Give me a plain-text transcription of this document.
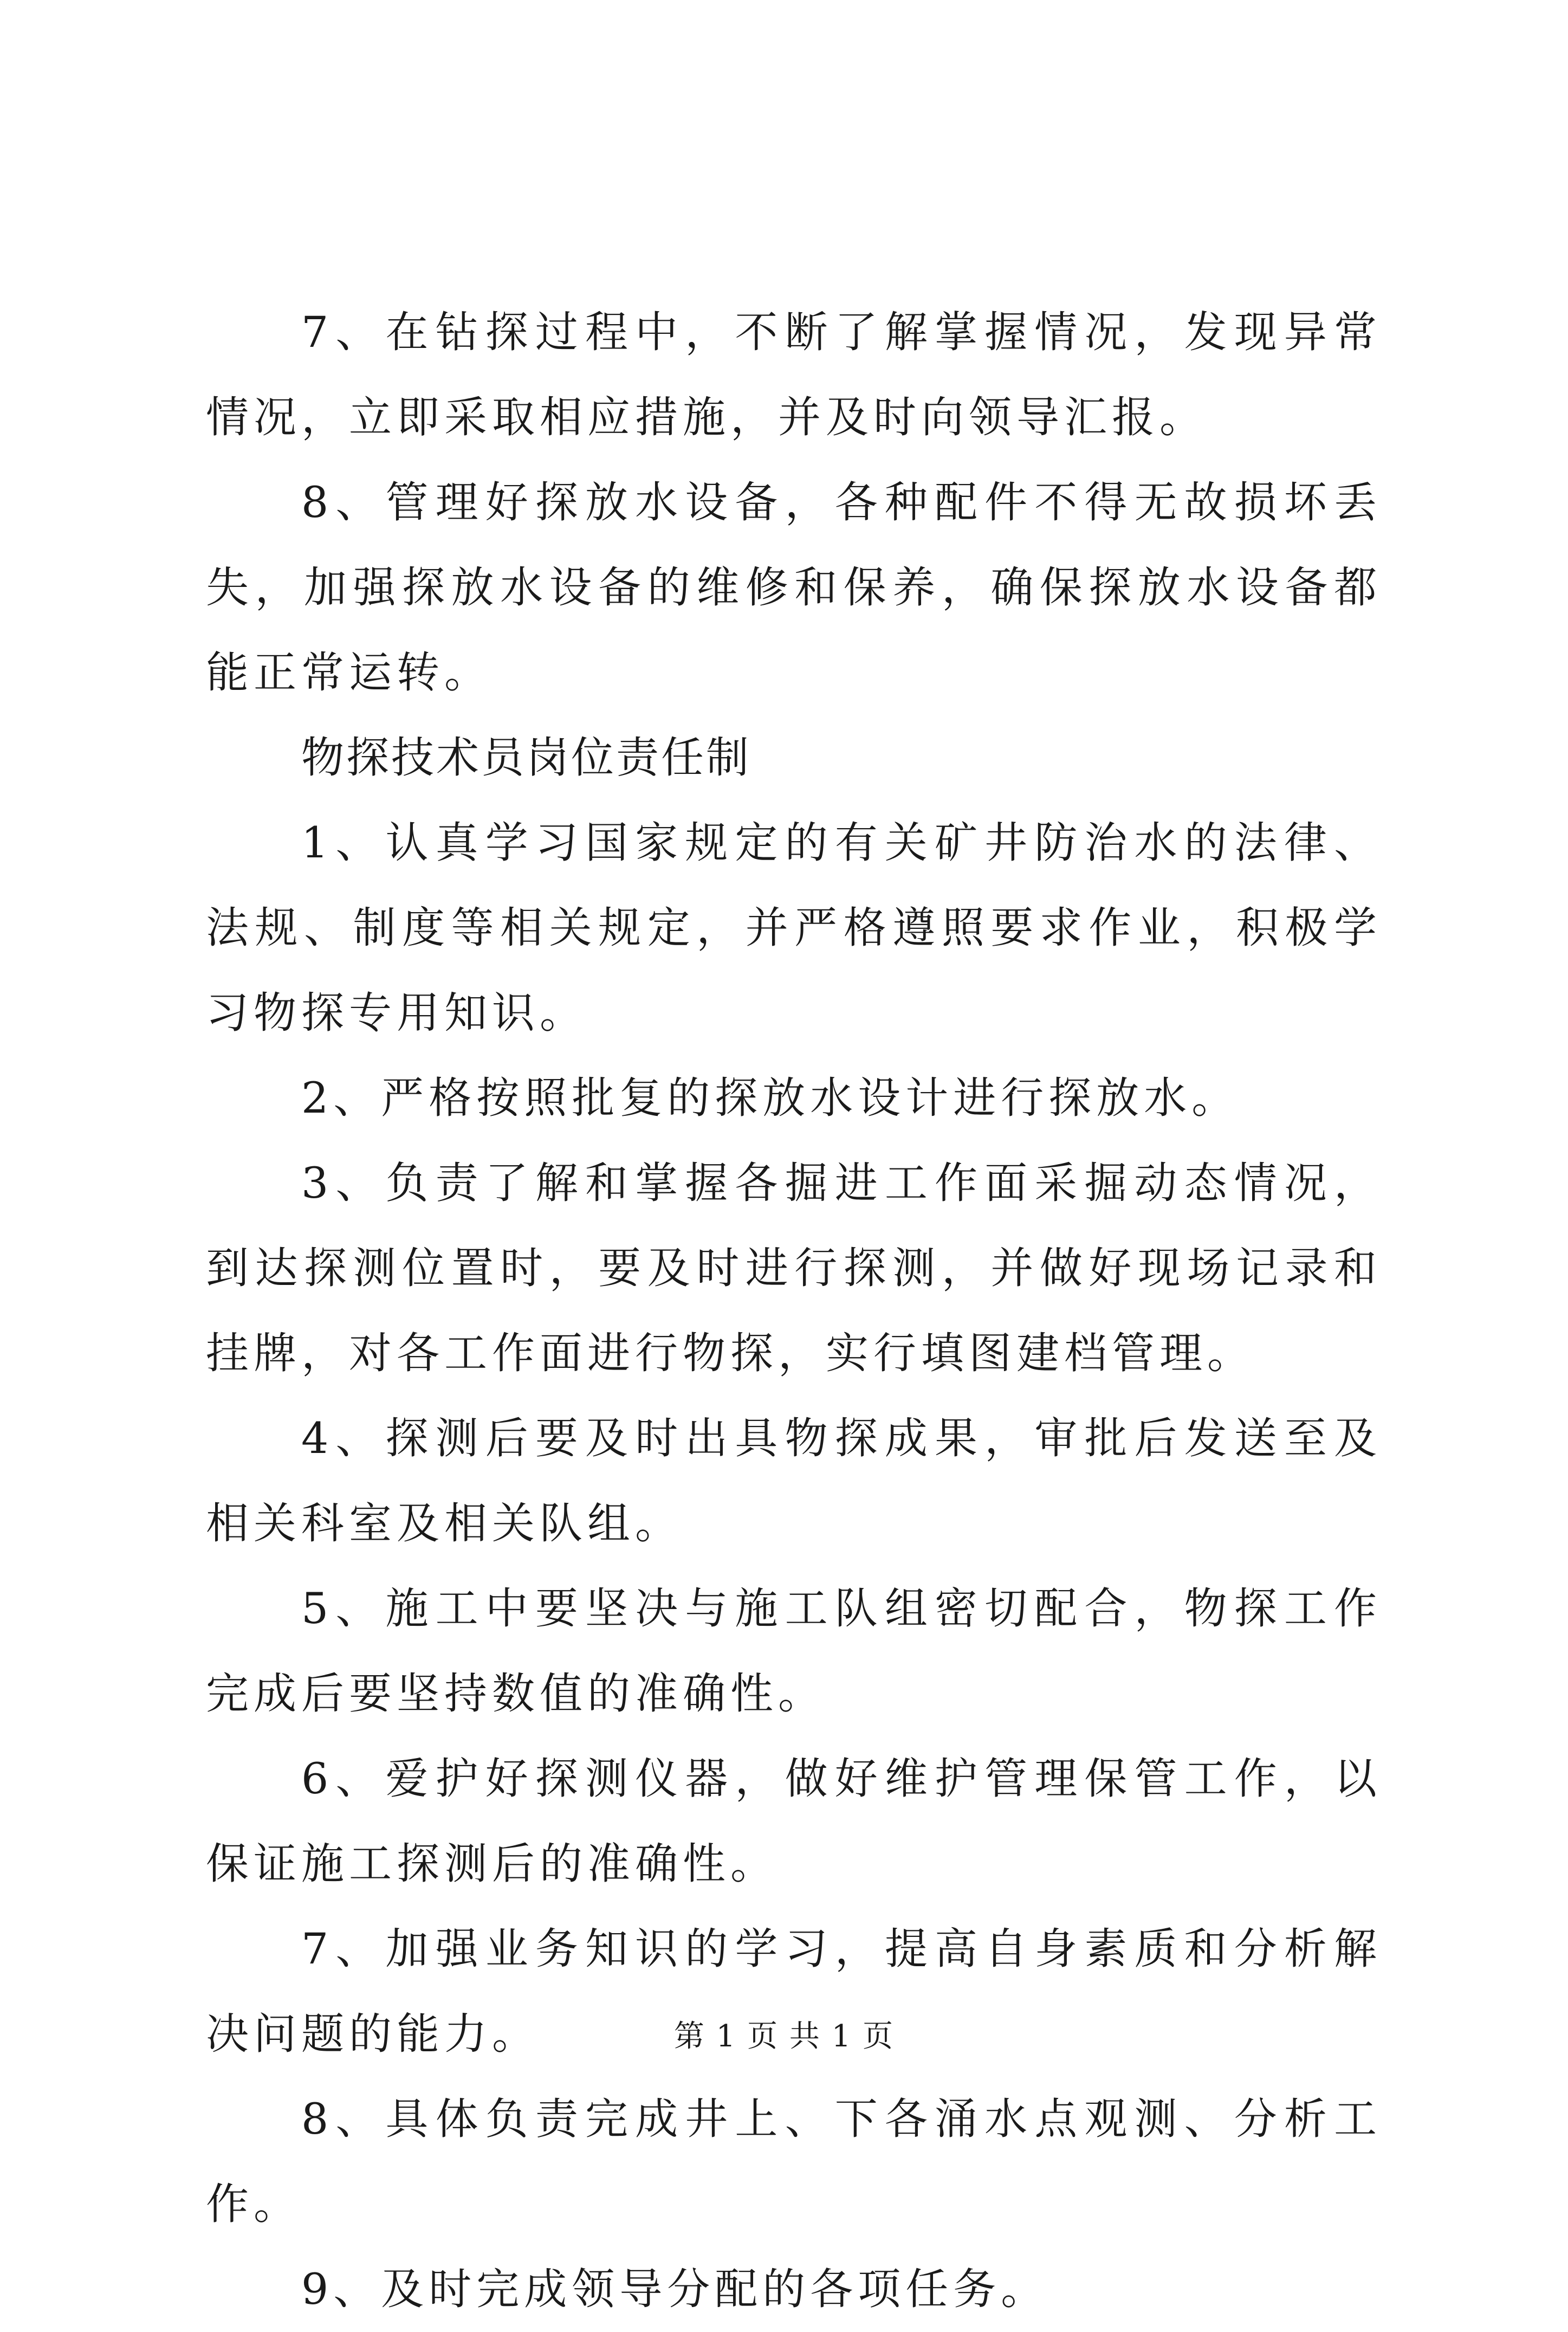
7、在钻探过程中，不断了解掌握情况，发现异常情况，立即采取相应措施，并及时向领导汇报。

8、管理好探放水设备，各种配件不得无故损坏丢失，加强探放水设备的维修和保养，确保探放水设备都能正常运转。

物探技术员岗位责任制

1、认真学习国家规定的有关矿井防治水的法律、法规、制度等相关规定，并严格遵照要求作业，积极学习物探专用知识。

2、严格按照批复的探放水设计进行探放水。

3、负责了解和掌握各掘进工作面采掘动态情况，到达探测位置时，要及时进行探测，并做好现场记录和挂牌，对各工作面进行物探，实行填图建档管理。

4、探测后要及时出具物探成果，审批后发送至及相关科室及相关队组。

5、施工中要坚决与施工队组密切配合，物探工作完成后要坚持数值的准确性。

6、爱护好探测仪器，做好维护管理保管工作，以保证施工探测后的准确性。

7、加强业务知识的学习，提高自身素质和分析解决问题的能力。

8、具体负责完成井上、下各涌水点观测、分析工作。

9、及时完成领导分配的各项任务。

第 1 页 共 1 页
